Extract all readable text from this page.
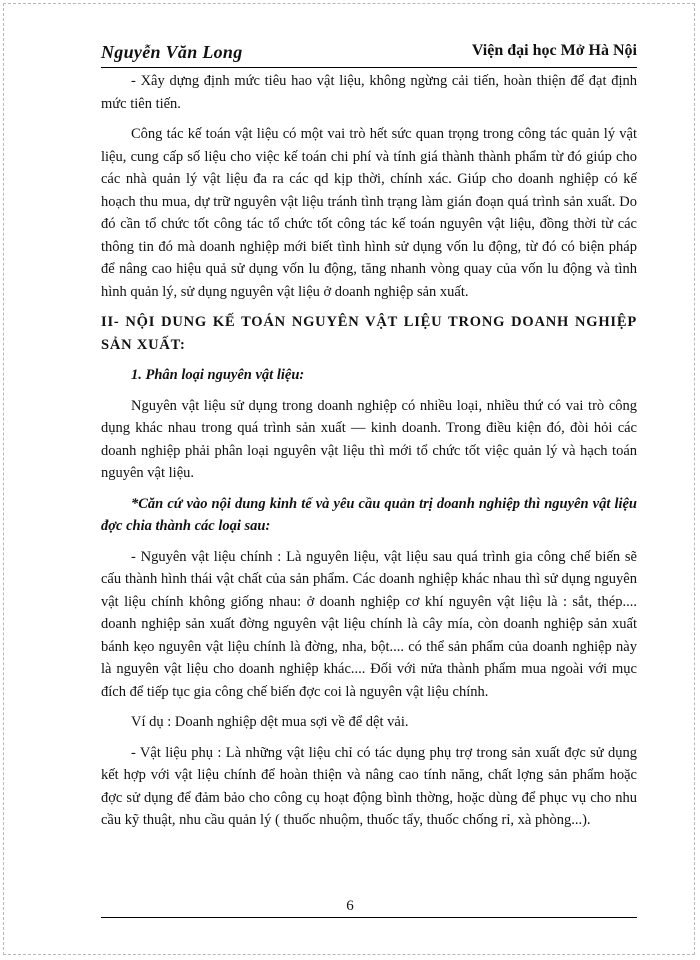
Nguyễn Văn Long	Viện đại học Mở Hà Nội

- Xây dựng định mức tiêu hao vật liệu, không ngừng cải tiến, hoàn thiện để đạt định mức tiên tiến.

Công tác kế toán vật liệu có một vai trò hết sức quan trọng trong công tác quản lý vật liệu, cung cấp số liệu cho việc kế toán chi phí và tính giá thành thành phẩm từ đó giúp cho các nhà quản lý vật liệu đa ra các qd kịp thời, chính xác. Giúp cho doanh nghiệp có kế hoạch thu mua, dự trữ nguyên vật liệu tránh tình trạng làm gián đoạn quá trình sản xuất. Do đó cần tổ chức tốt công tác tổ chức tốt công tác kế toán nguyên vật liệu, đồng thời từ các thông tin đó mà doanh nghiệp mới biết tình hình sử dụng vốn lu động, từ đó có biện pháp để nâng cao hiệu quả sử dụng vốn lu động, tăng nhanh vòng quay của vốn lu động và tình hình quản lý, sử dụng nguyên vật liệu ở doanh nghiệp sản xuất.

II- NỘI DUNG KẾ TOÁN NGUYÊN VẬT LIỆU TRONG DOANH NGHIỆP SẢN XUẤT:

1. Phân loại nguyên vật liệu:

Nguyên vật liệu sử dụng trong doanh nghiệp có nhiều loại, nhiều thứ có vai trò công dụng khác nhau trong quá trình sản xuất — kinh doanh. Trong điều kiện đó, đòi hỏi các doanh nghiệp phải phân loại nguyên vật liệu thì mới tổ chức tốt việc quản lý và hạch toán nguyên vật liệu.

*Căn cứ vào nội dung kinh tế và yêu cầu quản trị doanh nghiệp thì nguyên vật liệu đợc chia thành các loại sau:

- Nguyên vật liệu chính : Là nguyên liệu, vật liệu sau quá trình gia công chế biến sẽ cấu thành hình thái vật chất của sản phẩm. Các doanh nghiệp khác nhau thì sử dụng nguyên vật liệu chính không giống nhau: ở doanh nghiệp cơ khí nguyên vật liệu là : sắt, thép.... doanh nghiệp sản xuất đờng nguyên vật liệu chính là cây mía, còn doanh nghiệp sản xuất bánh kẹo nguyên vật liệu chính là đờng, nha, bột.... có thể sản phẩm của doanh nghiệp này là nguyên vật liệu cho doanh nghiệp khác.... Đối với nửa thành phẩm mua ngoài với mục đích để tiếp tục gia công chế biến đợc coi là nguyên vật liệu chính.

Ví dụ : Doanh nghiệp dệt mua sợi về để dệt vải.

- Vật liệu phụ : Là những vật liệu chỉ có tác dụng phụ trợ trong sản xuất đợc sử dụng kết hợp với vật liệu chính để hoàn thiện và nâng cao tính năng, chất lợng sản phẩm hoặc đợc sử dụng để đảm bảo cho công cụ hoạt động bình thờng, hoặc dùng để phục vụ cho nhu cầu kỹ thuật, nhu cầu quản lý ( thuốc nhuộm, thuốc tẩy, thuốc chống rỉ, xà phòng...).

6
